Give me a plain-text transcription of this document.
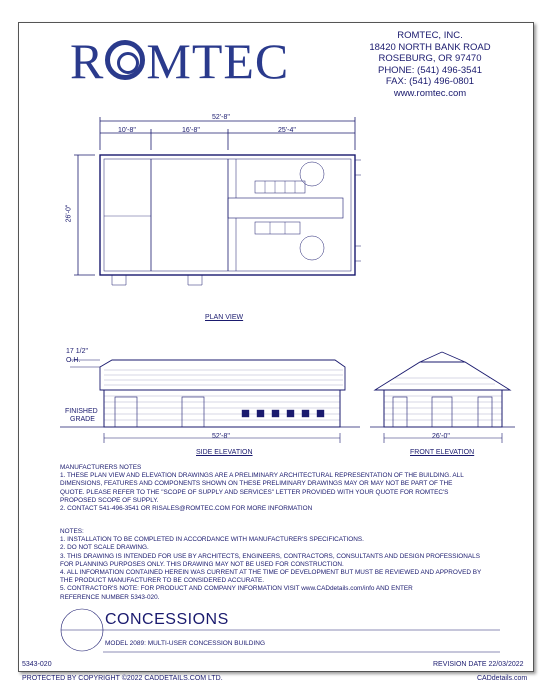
R MTEC	ROMTEC, INC.
18420 NORTH BANK ROAD
ROSEBURG, OR 97470
PHONE: (541) 496-3541
FAX: (541) 496-0801
www.romtec.com
52'-8"
10'-8"	16'-8"	25'-4"
26'-0"
PLAN VIEW
17 1/2"
O.H.
FINISHED
GRADE
52'-8"
SIDE ELEVATION
26'-0"
FRONT ELEVATION
MANUFACTURERS NOTES
1. THESE PLAN VIEW AND ELEVATION DRAWINGS ARE A PRELIMINARY ARCHITECTURAL REPRESENTATION OF THE BUILDING. ALL
DIMENSIONS, FEATURES AND COMPONENTS SHOWN ON THESE PRELIMINARY DRAWINGS MAY OR MAY NOT BE PART OF THE
QUOTE. PLEASE REFER TO THE "SCOPE OF SUPPLY AND SERVICES" LETTER PROVIDED WITH YOUR QUOTE FOR ROMTEC'S
PROPOSED SCOPE OF SUPPLY.
2. CONTACT 541-496-3541 OR RISALES@ROMTEC.COM FOR MORE INFORMATION
NOTES:
1. INSTALLATION TO BE COMPLETED IN ACCORDANCE WITH MANUFACTURER'S SPECIFICATIONS.
2. DO NOT SCALE DRAWING.
3. THIS DRAWING IS INTENDED FOR USE BY ARCHITECTS, ENGINEERS, CONTRACTORS, CONSULTANTS AND DESIGN PROFESSIONALS
FOR PLANNING PURPOSES ONLY. THIS DRAWING MAY NOT BE USED FOR CONSTRUCTION.
4. ALL INFORMATION CONTAINED HEREIN WAS CURRENT AT THE TIME OF DEVELOPMENT BUT MUST BE REVIEWED AND APPROVED BY
THE PRODUCT MANUFACTURER TO BE CONSIDERED ACCURATE.
5. CONTRACTOR'S NOTE: FOR PRODUCT AND COMPANY INFORMATION VISIT www.CADdetails.com/info AND ENTER
REFERENCE NUMBER 5343-020.
CONCESSIONS
MODEL 2089: MULTI-USER CONCESSION BUILDING
5343-020	REVISION DATE 22/03/2022
PROTECTED BY COPYRIGHT ©2022 CADDETAILS.COM LTD.	CADdetails.com
